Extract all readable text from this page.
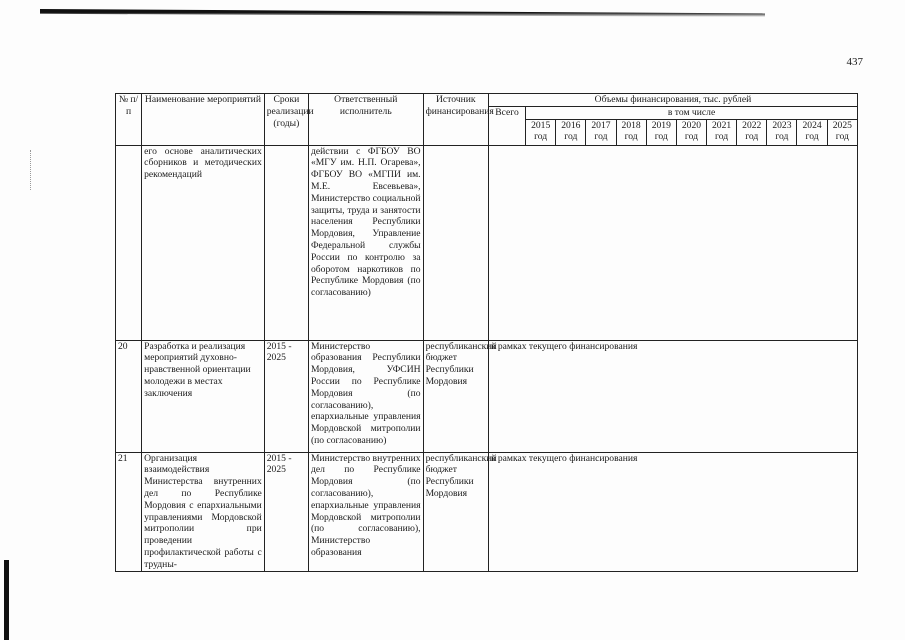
437
№ п/п	Наименование мероприятий	Сроки реализации (годы)	Ответственный исполнитель	Источник финансирования	Объемы финансирования, тыс. рублей											
					Всего	в том числе										
						2015 год	2016 год	2017 год	2018 год	2019 год	2020 год	2021 год	2022 год	2023 год	2024 год	2025 год
	его основе аналитических сборников и методических рекомендаций		действии с ФГБОУ ВО «МГУ им. Н.П. Огарева», ФГБОУ ВО «МГПИ им. М.Е. Евсевьева», Министерство социальной защиты, труда и занятости населения Республики Мордовия, Управление Федеральной службы России по контролю за оборотом наркотиков по Республике Мордовия (по согласованию)													
20	Разработка и реализация мероприятий духовно-нравственной ориентации молодежи в местах заключения	2015 - 2025	Министерство образования Республики Мордовия, УФСИН России по Республике Мордовия (по согласованию), епархиальные управления Мордовской митрополии (по согласованию)	республиканский бюджет Республики Мордовия	в рамках текущего финансирования											
21	Организация взаимодействия Министерства внутренних дел по Республике Мордовия с епархиальными управлениями Мордовской митрополии при проведении профилактической работы с трудны-	2015 - 2025	Министерство внутренних дел по Республике Мордовия (по согласованию), епархиальные управления Мордовской митрополии (по согласованию), Министерство образования	республиканский бюджет Республики Мордовия	в рамках текущего финансирования											
